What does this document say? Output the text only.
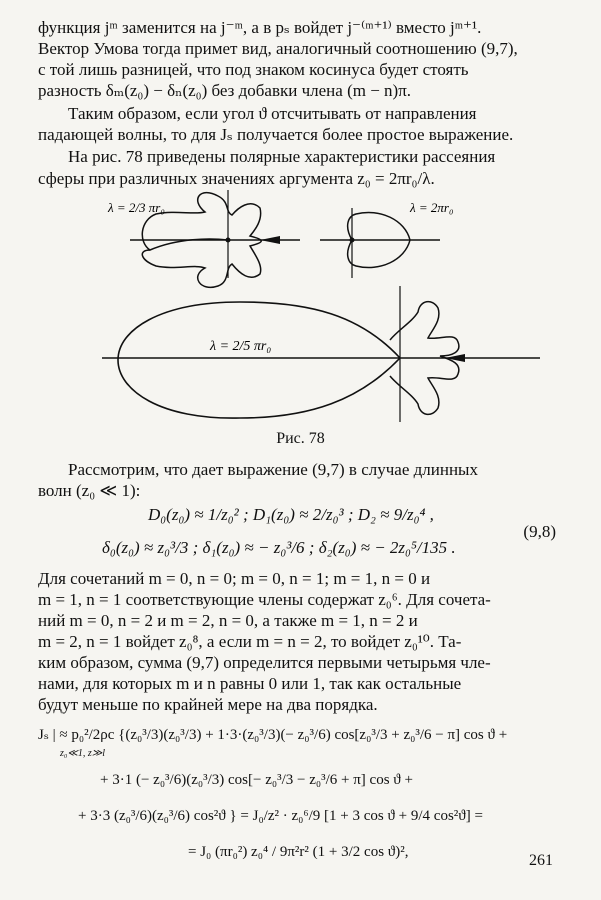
функция jᵐ заменится на j⁻ᵐ, а в pₛ войдет j⁻⁽ᵐ⁺¹⁾ вместо jᵐ⁺¹.
Вектор Умова тогда примет вид, аналогичный соотношению (9,7),
с той лишь разницей, что под знаком косинуса будет стоять
разность δₘ(z₀) − δₙ(z₀) без добавки члена (m − n)π.
Таким образом, если угол ϑ отсчитывать от направления
падающей волны, то для Jₛ получается более простое выражение.
На рис. 78 приведены полярные характеристики рассеяния
сферы при различных значениях аргумента z₀ = 2πr₀/λ.
λ = 2/3 πr₀	λ = 2πr₀
λ = 2/5 πr₀
Рис. 78
Рассмотрим, что дает выражение (9,7) в случае длинных
волн (z₀ ≪ 1):
D₀(z₀) ≈ 1/z₀² ; D₁(z₀) ≈ 2/z₀³ ; D₂ ≈ 9/z₀⁴ ,
δ₀(z₀) ≈ z₀³/3 ; δ₁(z₀) ≈ − z₀³/6 ; δ₂(z₀) ≈ − 2z₀⁵/135 .
(9,8)
Для сочетаний m = 0, n = 0; m = 0, n = 1; m = 1, n = 0 и
m = 1, n = 1 соответствующие члены содержат z₀⁶. Для сочета-
ний m = 0, n = 2 и m = 2, n = 0, а также m = 1, n = 2 и
m = 2, n = 1 войдет z₀⁸, а если m = n = 2, то войдет z₀¹⁰. Та-
ким образом, сумма (9,7) определится первыми четырьмя чле-
нами, для которых m и n равны 0 или 1, так как остальные
будут меньше по крайней мере на два порядка.
Jₛ | ≈ p₀²/2ρc {(z₀³/3)(z₀³/3) + 1·3·(z₀³/3)(− z₀³/6) cos[z₀³/3 + z₀³/6 − π] cos ϑ +
z₀≪1, z≫l
+ 3·1 (− z₀³/6)(z₀³/3) cos[− z₀³/3 − z₀³/6 + π] cos ϑ +
+ 3·3 (z₀³/6)(z₀³/6) cos²ϑ } = J₀/z² · z₀⁶/9 [1 + 3 cos ϑ + 9/4 cos²ϑ] =
= J₀ (πr₀²) z₀⁴ / 9π²r² (1 + 3/2 cos ϑ)²,	261
